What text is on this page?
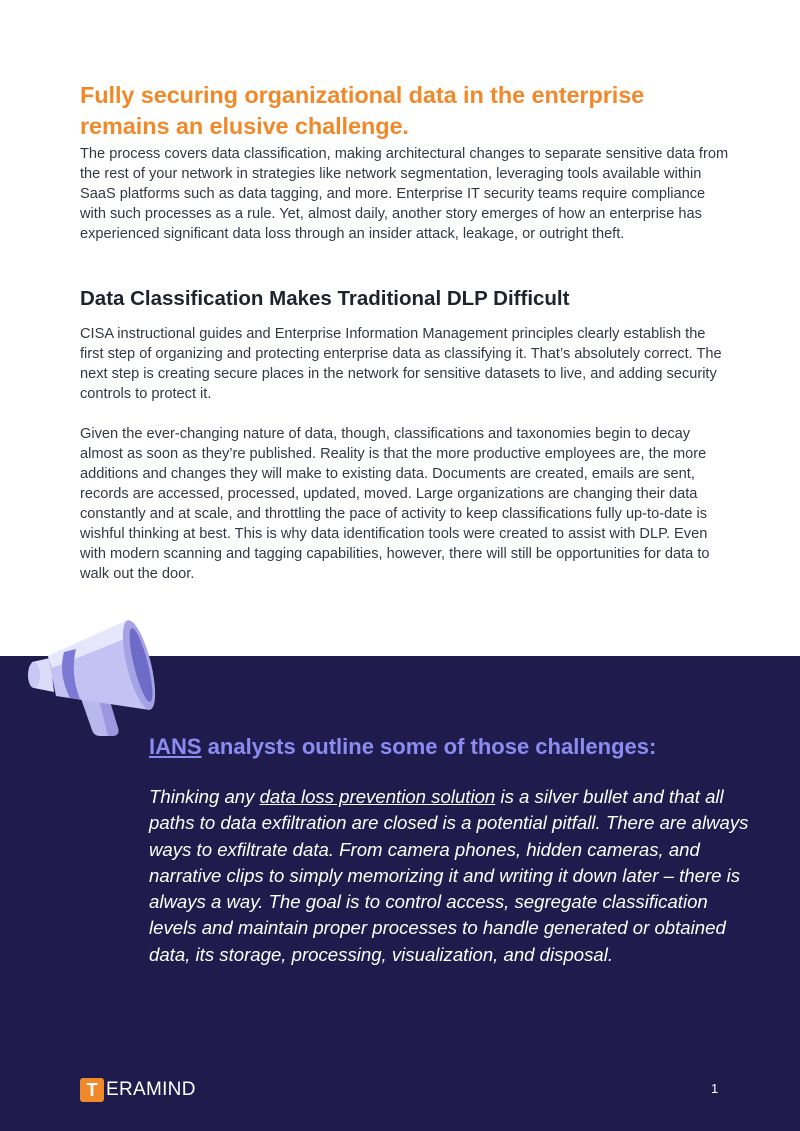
Fully securing organizational data in the enterprise remains an elusive challenge.

The process covers data classification, making architectural changes to separate sensitive data from the rest of your network in strategies like network segmentation, leveraging tools available within SaaS platforms such as data tagging, and more. Enterprise IT security teams require compliance with such processes as a rule. Yet, almost daily, another story emerges of how an enterprise has experienced significant data loss through an insider attack, leakage, or outright theft.

Data Classification Makes Traditional DLP Difficult

CISA instructional guides and Enterprise Information Management principles clearly establish the first step of organizing and protecting enterprise data as classifying it. That’s absolutely correct. The next step is creating secure places in the network for sensitive datasets to live, and adding security controls to protect it.

Given the ever-changing nature of data, though, classifications and taxonomies begin to decay almost as soon as they’re published. Reality is that the more productive employees are, the more additions and changes they will make to existing data. Documents are created, emails are sent, records are accessed, processed, updated, moved. Large organizations are changing their data constantly and at scale, and throttling the pace of activity to keep classifications fully up-to-date is wishful thinking at best. This is why data identification tools were created to assist with DLP. Even with modern scanning and tagging capabilities, however, there will still be opportunities for data to walk out the door.

IANS analysts outline some of those challenges:

Thinking any data loss prevention solution is a silver bullet and that all paths to data exfiltration are closed is a potential pitfall. There are always ways to exfiltrate data. From camera phones, hidden cameras, and narrative clips to simply memorizing it and writing it down later – there is always a way. The goal is to control access, segregate classification levels and maintain proper processes to handle generated or obtained data, its storage, processing, visualization, and disposal.

T ERAMIND	1
